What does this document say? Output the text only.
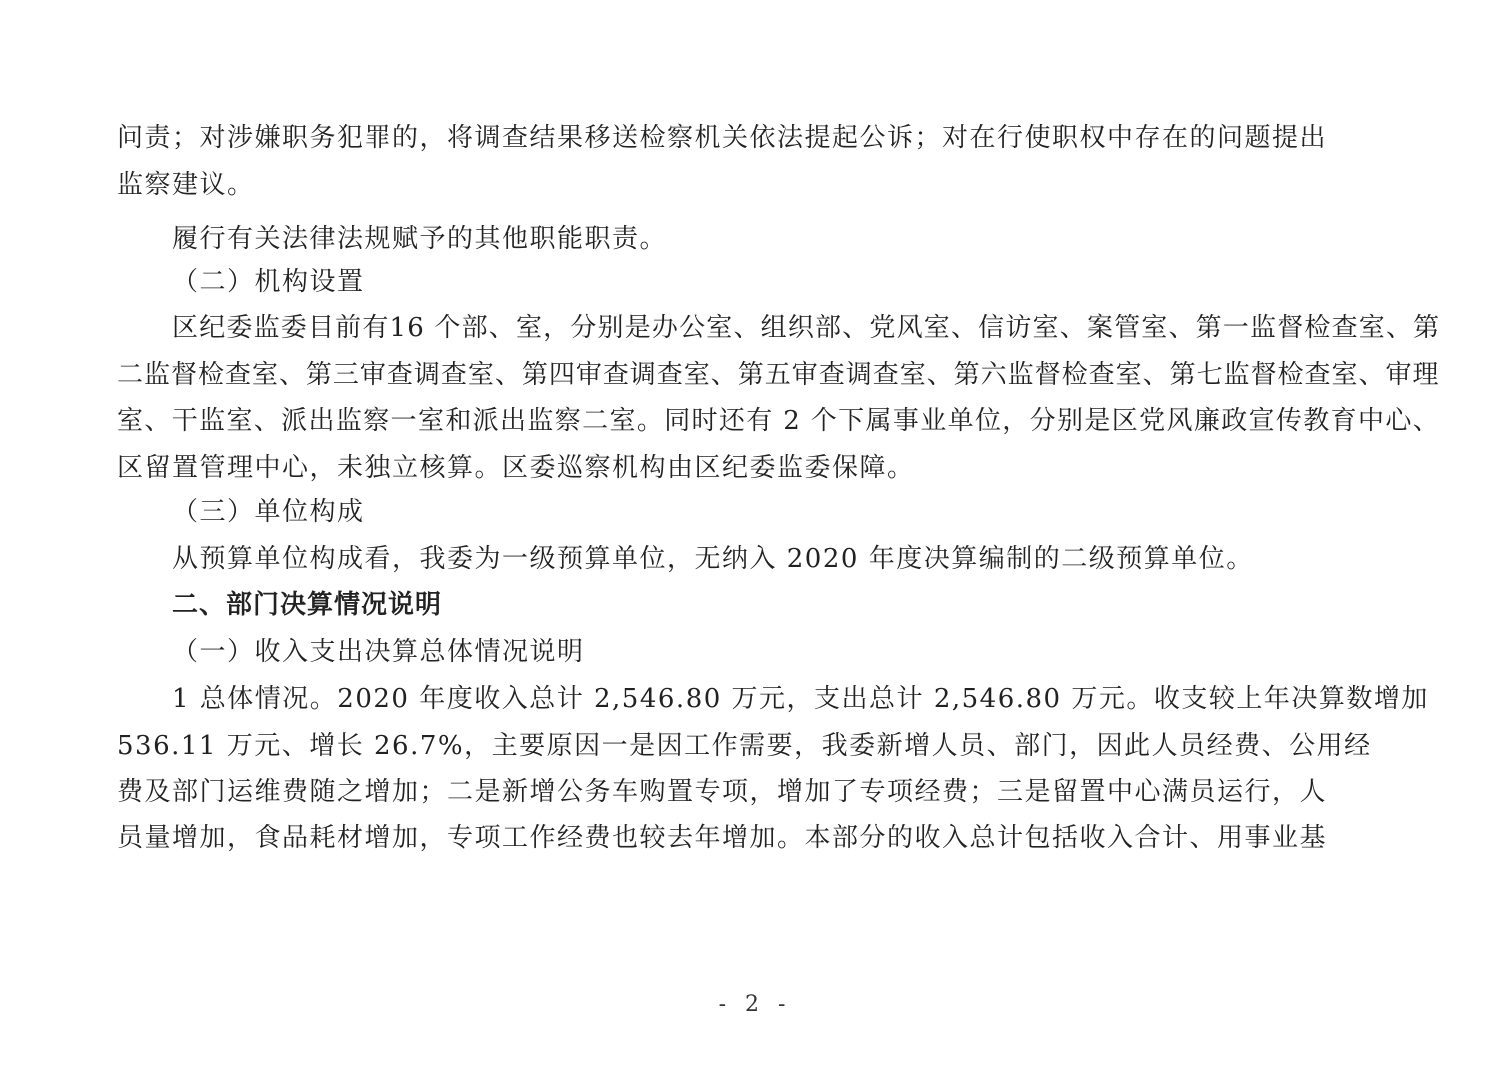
问责；对涉嫌职务犯罪的，将调查结果移送检察机关依法提起公诉；对在行使职权中存在的问题提出
监察建议。
履行有关法律法规赋予的其他职能职责。
（二）机构设置
区纪委监委目前有16 个部、室，分别是办公室、组织部、党风室、信访室、案管室、第一监督检查室、第
二监督检查室、第三审查调查室、第四审查调查室、第五审查调查室、第六监督检查室、第七监督检查室、审理
室、干监室、派出监察一室和派出监察二室。同时还有 2 个下属事业单位，分别是区党风廉政宣传教育中心、
区留置管理中心，未独立核算。区委巡察机构由区纪委监委保障。
（三）单位构成
从预算单位构成看，我委为一级预算单位，无纳入 2020 年度决算编制的二级预算单位。
二、部门决算情况说明
（一）收入支出决算总体情况说明
1 总体情况。2020 年度收入总计 2,546.80 万元，支出总计 2,546.80 万元。收支较上年决算数增加
536.11 万元、增长 26.7%，主要原因一是因工作需要，我委新增人员、部门，因此人员经费、公用经
费及部门运维费随之增加；二是新增公务车购置专项，增加了专项经费；三是留置中心满员运行，人
员量增加，食品耗材增加，专项工作经费也较去年增加。本部分的收入总计包括收入合计、用事业基
- 2 -
